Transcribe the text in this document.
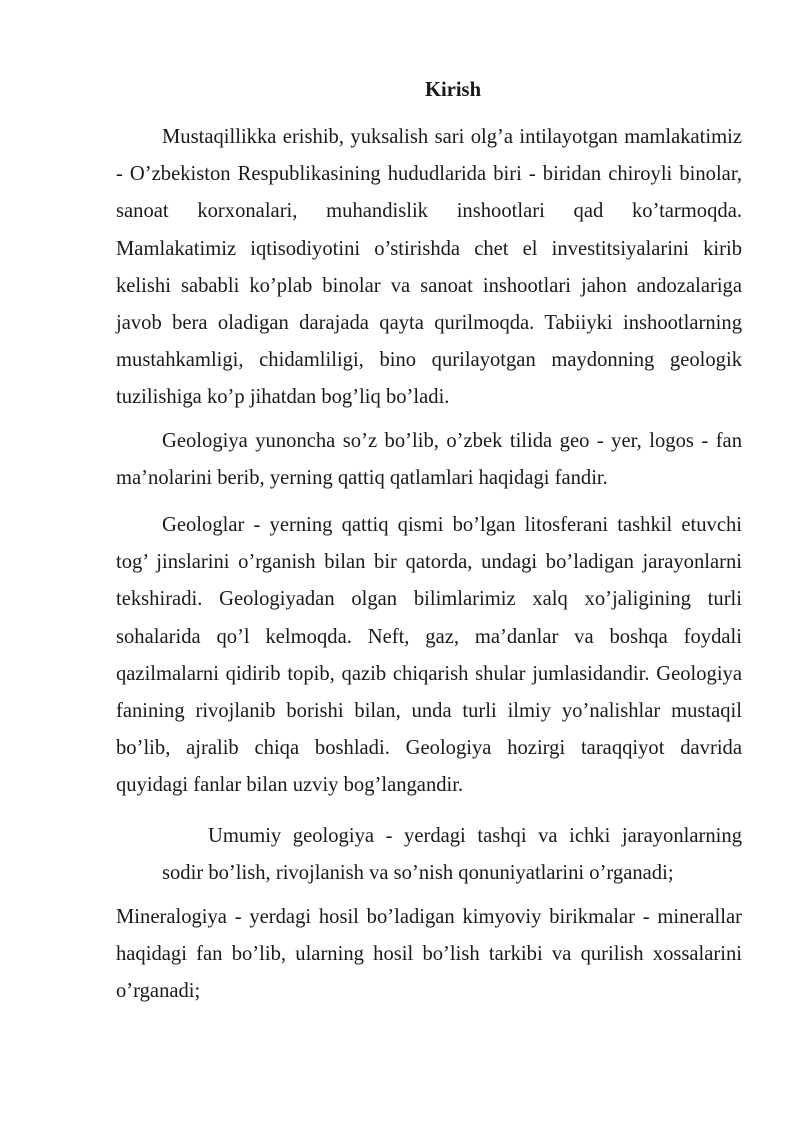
Kirish

Mustaqillikka erishib, yuksalish sari olg’a intilayotgan mamlakatimiz - O’zbekiston Respublikasining hududlarida biri - biridan chiroyli binolar, sanoat korxonalari, muhandislik inshootlari qad ko’tarmoqda. Mamlakatimiz iqtisodiyotini o’stirishda chet el investitsiyalarini kirib kelishi sababli ko’plab binolar va sanoat inshootlari jahon andozalariga javob bera oladigan darajada qayta qurilmoqda. Tabiiyki inshootlarning mustahkamligi, chidamliligi, bino qurilayotgan maydonning geologik tuzilishiga ko’p jihatdan bog’liq bo’ladi.

Geologiya yunoncha so’z bo’lib, o’zbek tilida geo - yer, logos - fan ma’nolarini berib, yerning qattiq qatlamlari haqidagi fandir.

Geologlar - yerning qattiq qismi bo’lgan litosferani tashkil etuvchi tog’ jinslarini o’rganish bilan bir qatorda, undagi bo’ladigan jarayonlarni tekshiradi. Geologiyadan olgan bilimlarimiz xalq xo’jaligining turli sohalarida qo’l kelmoqda. Neft, gaz, ma’danlar va boshqa foydali qazilmalarni qidirib topib, qazib chiqarish shular jumlasidandir. Geologiya fanining rivojlanib borishi bilan, unda turli ilmiy yo’nalishlar mustaqil bo’lib, ajralib chiqa boshladi. Geologiya hozirgi taraqqiyot davrida quyidagi fanlar bilan uzviy bog’langandir.

Umumiy geologiya - yerdagi tashqi va ichki jarayonlarning sodir bo’lish, rivojlanish va so’nish qonuniyatlarini o’rganadi;

Mineralogiya - yerdagi hosil bo’ladigan kimyoviy birikmalar - minerallar haqidagi fan bo’lib, ularning hosil bo’lish tarkibi va qurilish xossalarini o’rganadi;
